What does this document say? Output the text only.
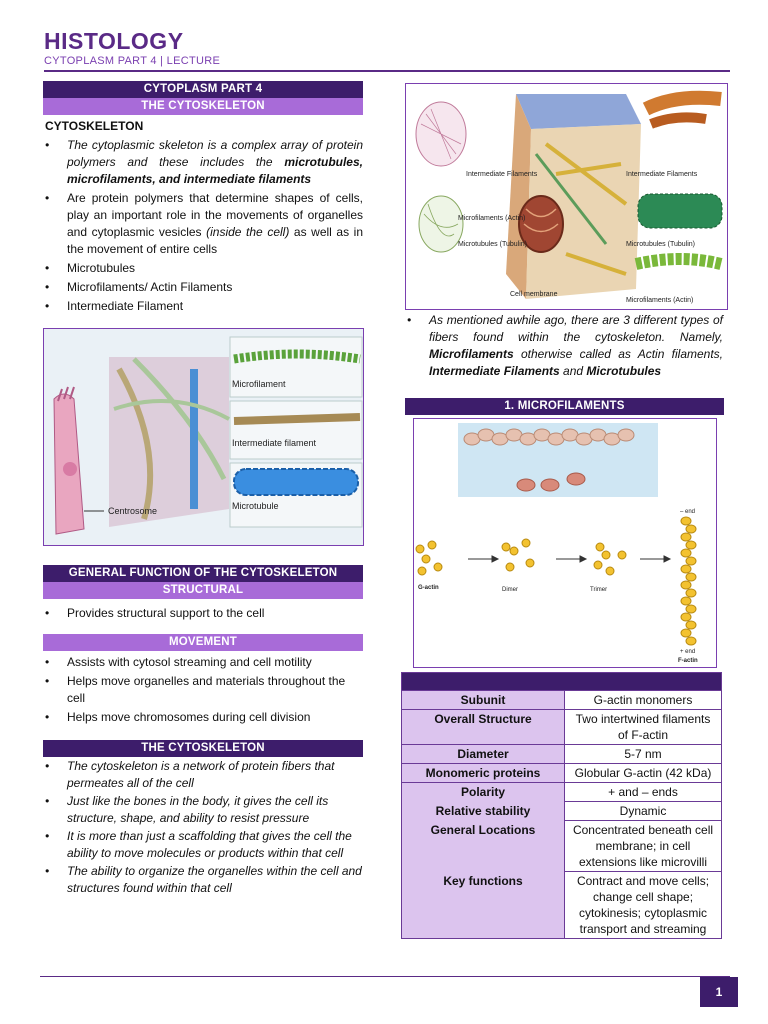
HISTOLOGY
CYTOPLASM PART 4 | LECTURE
CYTOPLASM PART 4
THE CYTOSKELETON
CYTOSKELETON
• The cytoplasmic skeleton is a complex array of protein polymers and these includes the microtubules, microfilaments, and intermediate filaments
• Are protein polymers that determine shapes of cells, play an important role in the movements of organelles and cytoplasmic vesicles (inside the cell) as well as in the movement of entire cells
• Microtubules
• Microfilaments/ Actin Filaments
• Intermediate Filament
Microfilament
Intermediate filament
Microtubule
Centrosome
GENERAL FUNCTION OF THE CYTOSKELETON
STRUCTURAL
• Provides structural support to the cell
MOVEMENT
• Assists with cytosol streaming and cell motility
• Helps move organelles and materials throughout the cell
• Helps move chromosomes during cell division
THE CYTOSKELETON
• The cytoskeleton is a network of protein fibers that permeates all of the cell
• Just like the bones in the body, it gives the cell its structure, shape, and ability to resist pressure
• It is more than just a scaffolding that gives the cell the ability to move molecules or products within that cell
• The ability to organize the organelles within the cell and structures found within that cell
Intermediate Filaments
Microfilaments (Actin)
Microtubules (Tubulin)
Cell membrane
Intermediate Filaments
Microtubules (Tubulin)
Microfilaments (Actin)
• As mentioned awhile ago, there are 3 different types of fibers found within the cytoskeleton. Namely, Microfilaments otherwise called as Actin filaments, Intermediate Filaments and Microtubules
1. MICROFILAMENTS
G-actin	Dimer	Trimer
– end
+ end
F-actin

Subunit	G-actin monomers
Overall Structure	Two intertwined filaments of F-actin
Diameter	5-7 nm
Monomeric proteins	Globular G-actin (42 kDa)
Polarity	+ and – ends
Relative stability	Dynamic
General Locations	Concentrated beneath cell membrane; in cell extensions like microvilli
Key functions	Contract and move cells; change cell shape; cytokinesis; cytoplasmic transport and streaming
1
